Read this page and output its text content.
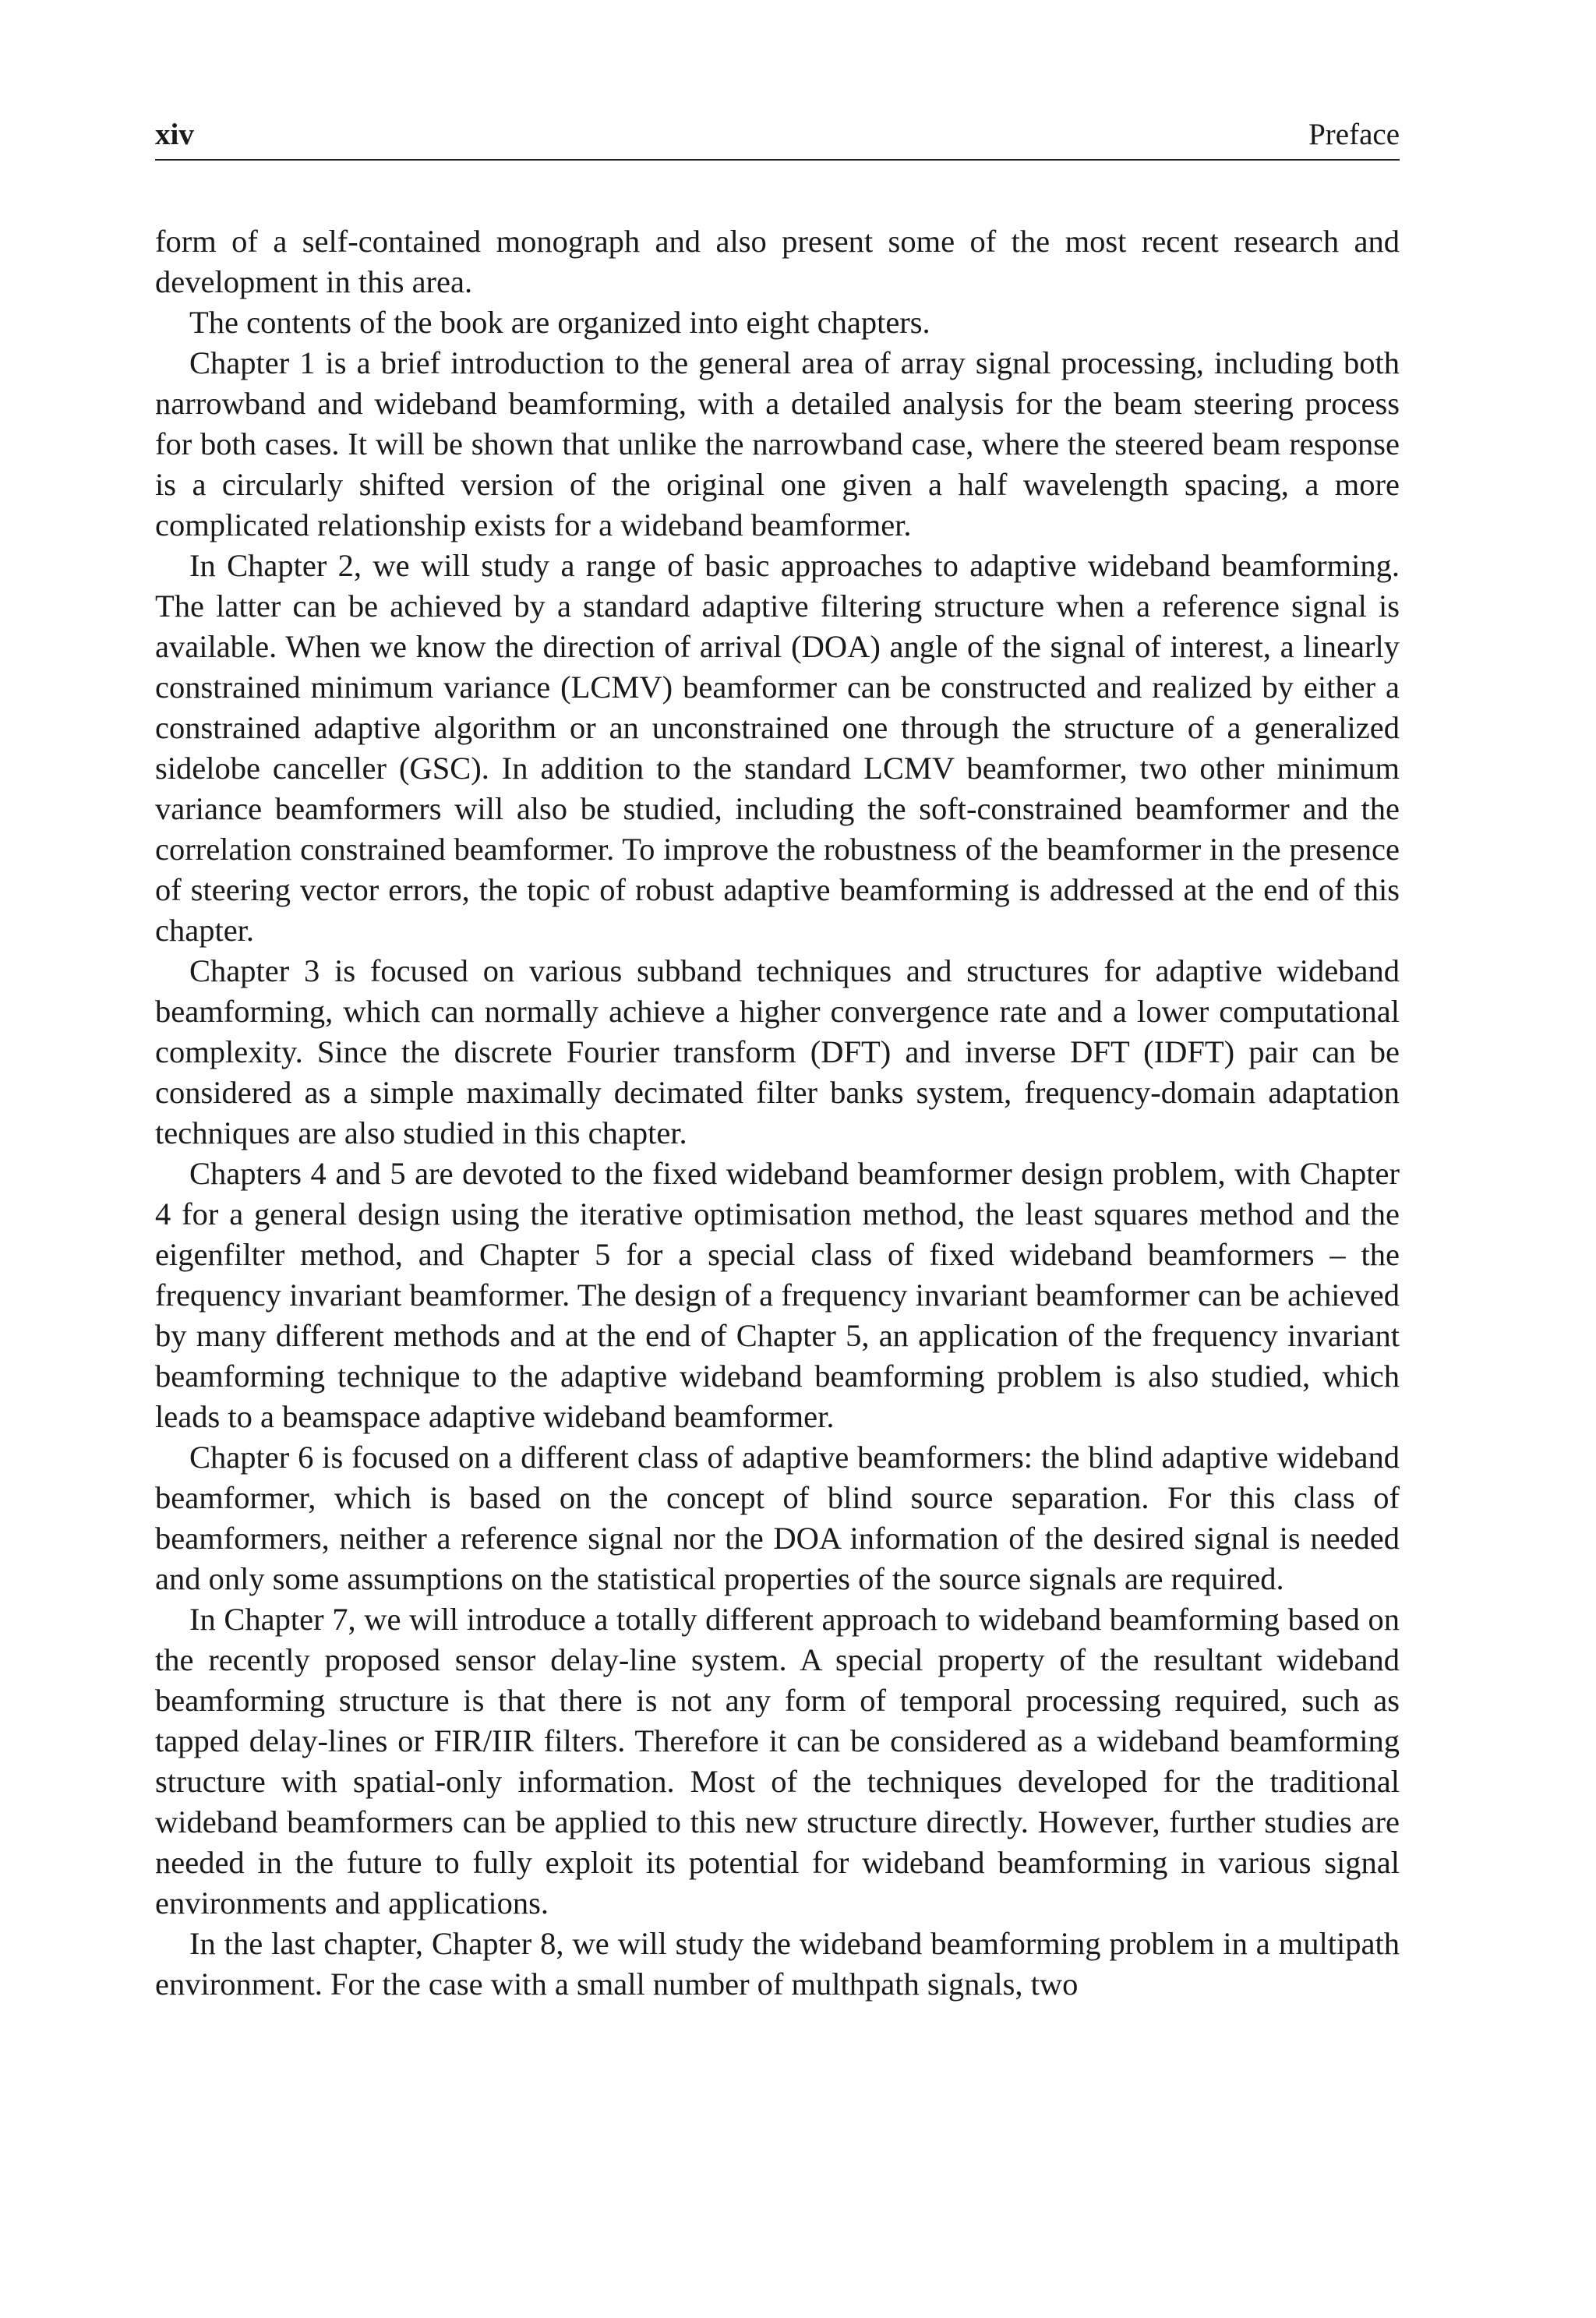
xiv	Preface

form of a self-contained monograph and also present some of the most recent research and development in this area.

The contents of the book are organized into eight chapters.

Chapter 1 is a brief introduction to the general area of array signal processing, including both narrowband and wideband beamforming, with a detailed analysis for the beam steering process for both cases. It will be shown that unlike the narrowband case, where the steered beam response is a circularly shifted version of the original one given a half wavelength spacing, a more complicated relationship exists for a wideband beamformer.

In Chapter 2, we will study a range of basic approaches to adaptive wideband beamforming. The latter can be achieved by a standard adaptive filtering structure when a reference signal is available. When we know the direction of arrival (DOA) angle of the signal of interest, a linearly constrained minimum variance (LCMV) beamformer can be constructed and realized by either a constrained adaptive algorithm or an unconstrained one through the structure of a generalized sidelobe canceller (GSC). In addition to the standard LCMV beamformer, two other minimum variance beamformers will also be studied, including the soft-constrained beamformer and the correlation constrained beamformer. To improve the robustness of the beamformer in the presence of steering vector errors, the topic of robust adaptive beamforming is addressed at the end of this chapter.

Chapter 3 is focused on various subband techniques and structures for adaptive wideband beamforming, which can normally achieve a higher convergence rate and a lower computational complexity. Since the discrete Fourier transform (DFT) and inverse DFT (IDFT) pair can be considered as a simple maximally decimated filter banks system, frequency-domain adaptation techniques are also studied in this chapter.

Chapters 4 and 5 are devoted to the fixed wideband beamformer design problem, with Chapter 4 for a general design using the iterative optimisation method, the least squares method and the eigenfilter method, and Chapter 5 for a special class of fixed wideband beamformers – the frequency invariant beamformer. The design of a frequency invariant beamformer can be achieved by many different methods and at the end of Chapter 5, an application of the frequency invariant beamforming technique to the adaptive wideband beamforming problem is also studied, which leads to a beamspace adaptive wideband beamformer.

Chapter 6 is focused on a different class of adaptive beamformers: the blind adaptive wideband beamformer, which is based on the concept of blind source separation. For this class of beamformers, neither a reference signal nor the DOA information of the desired signal is needed and only some assumptions on the statistical properties of the source signals are required.

In Chapter 7, we will introduce a totally different approach to wideband beamforming based on the recently proposed sensor delay-line system. A special property of the resultant wideband beamforming structure is that there is not any form of temporal processing required, such as tapped delay-lines or FIR/IIR filters. Therefore it can be considered as a wideband beamforming structure with spatial-only information. Most of the techniques developed for the traditional wideband beamformers can be applied to this new structure directly. However, further studies are needed in the future to fully exploit its potential for wideband beamforming in various signal environments and applications.

In the last chapter, Chapter 8, we will study the wideband beamforming problem in a multipath environment. For the case with a small number of multhpath signals, two
